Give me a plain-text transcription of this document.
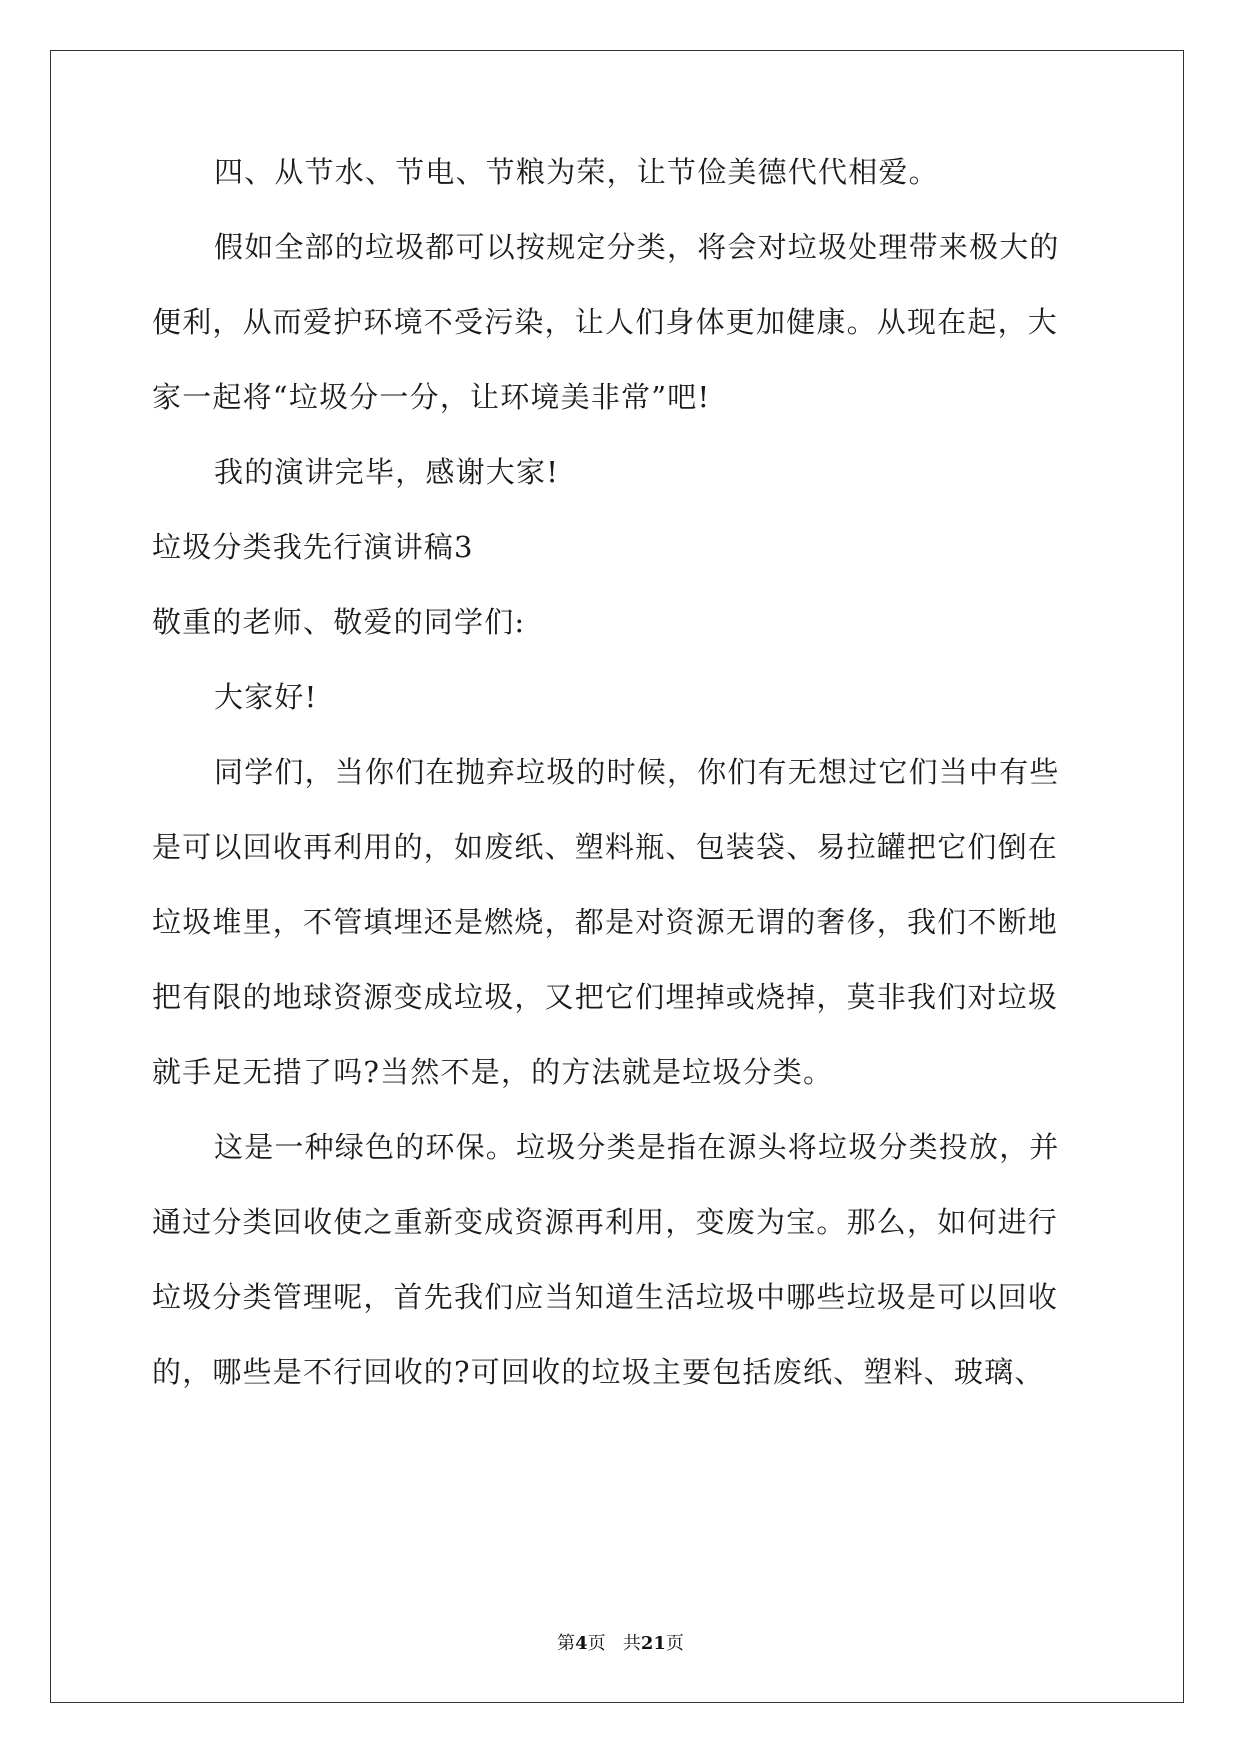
四、从节水、节电、节粮为荣，让节俭美德代代相爱。
假如全部的垃圾都可以按规定分类，将会对垃圾处理带来极大的
便利，从而爱护环境不受污染，让人们身体更加健康。从现在起，大
家一起将“垃圾分一分，让环境美非常”吧!
我的演讲完毕，感谢大家!
垃圾分类我先行演讲稿3
敬重的老师、敬爱的同学们:
大家好!
同学们，当你们在抛弃垃圾的时候，你们有无想过它们当中有些
是可以回收再利用的，如废纸、塑料瓶、包装袋、易拉罐把它们倒在
垃圾堆里，不管填埋还是燃烧，都是对资源无谓的奢侈，我们不断地
把有限的地球资源变成垃圾，又把它们埋掉或烧掉，莫非我们对垃圾
就手足无措了吗?当然不是，的方法就是垃圾分类。
这是一种绿色的环保。垃圾分类是指在源头将垃圾分类投放，并
通过分类回收使之重新变成资源再利用，变废为宝。那么，如何进行
垃圾分类管理呢，首先我们应当知道生活垃圾中哪些垃圾是可以回收
的，哪些是不行回收的?可回收的垃圾主要包括废纸、塑料、玻璃、
第4页 共21页
